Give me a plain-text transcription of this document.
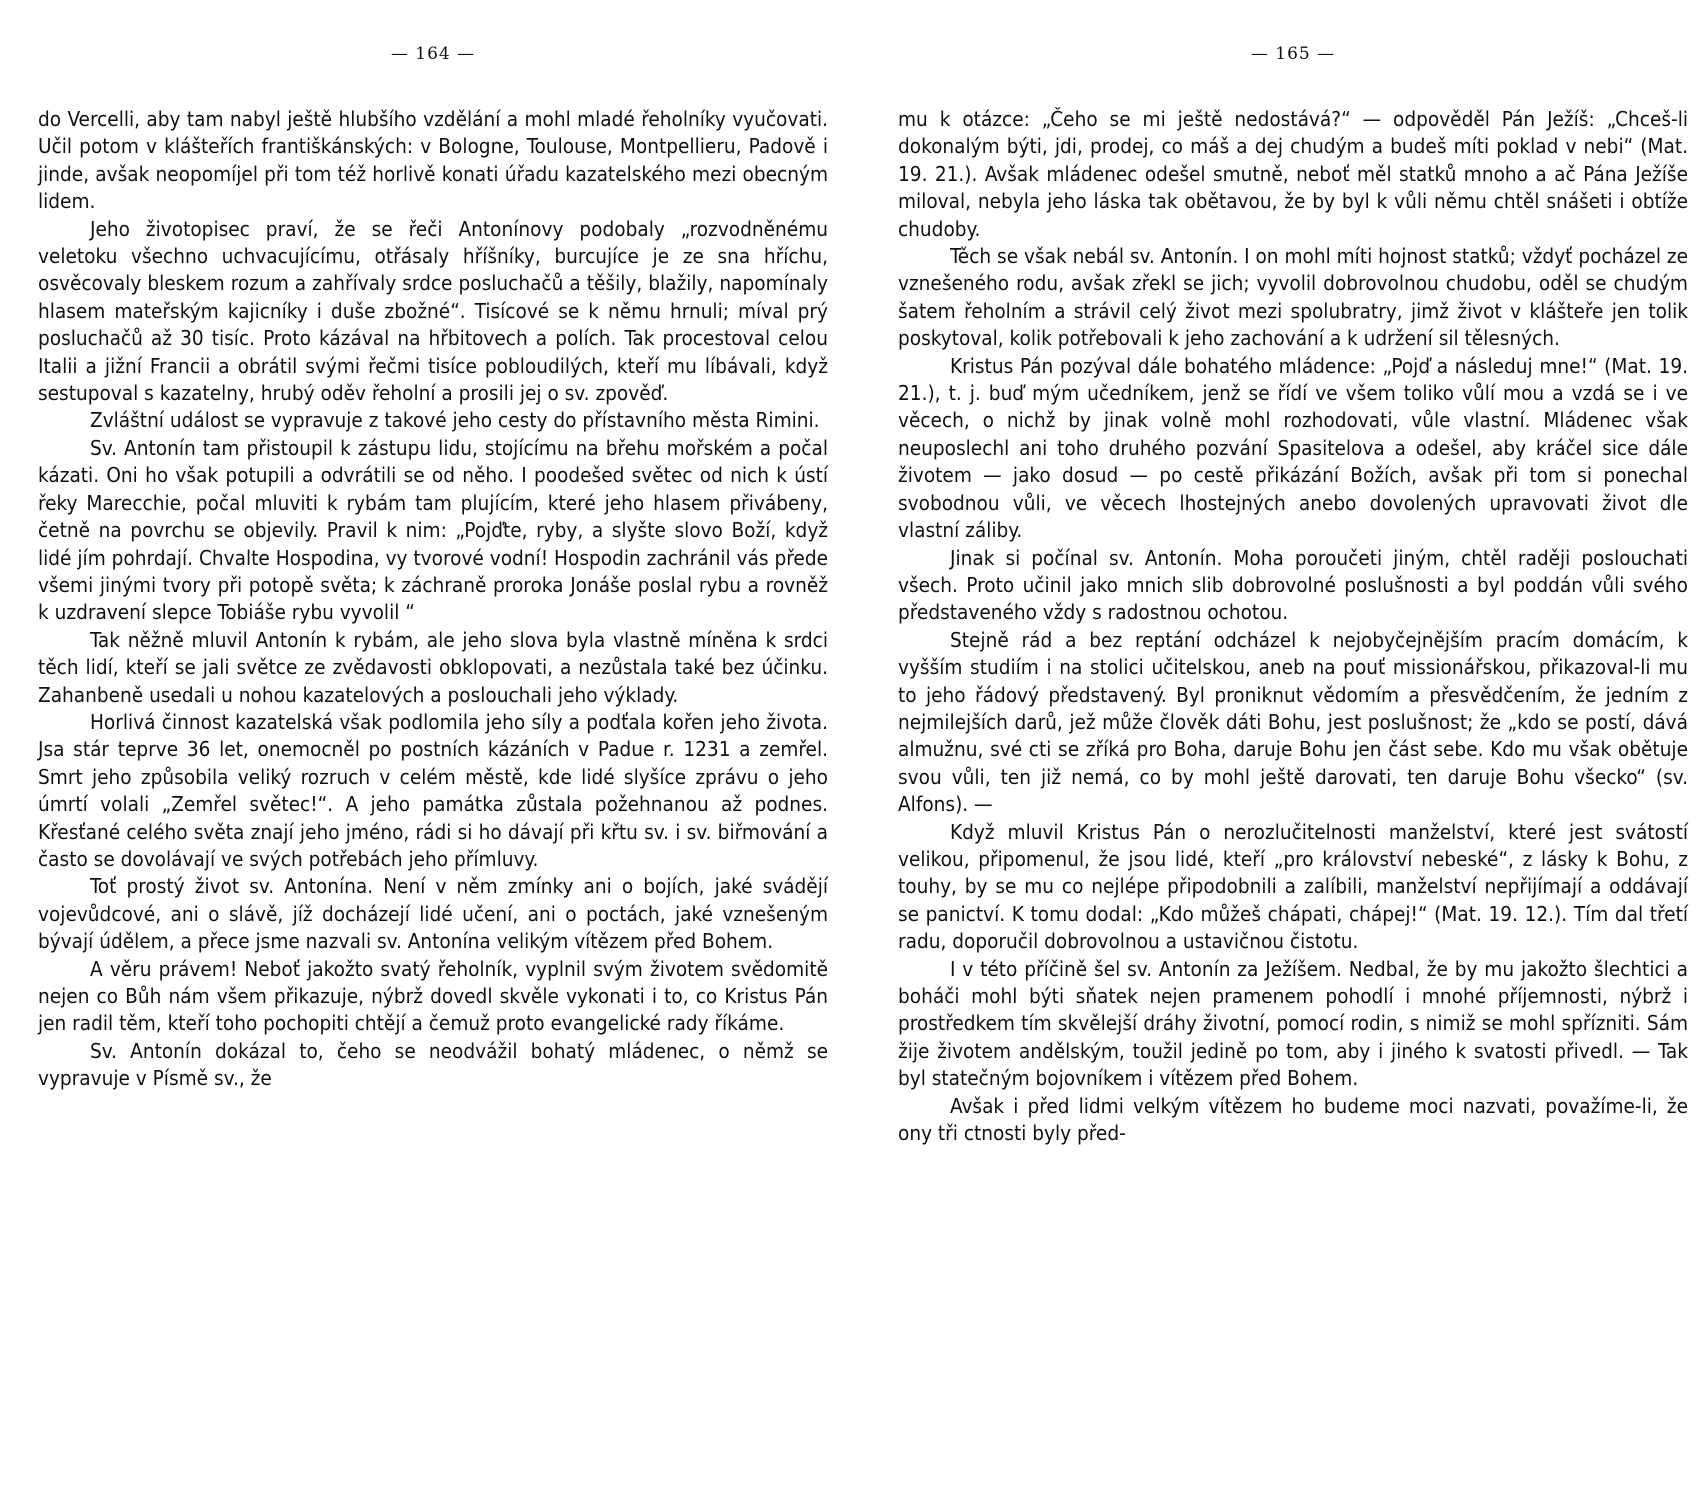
— 164 —

do Vercelli, aby tam nabyl ještě hlubšího vzdělání a mohl mladé řeholníky vyučovati. Učil potom v klášteřích františkánských: v Bologne, Toulouse, Montpellieru, Padově i jinde, avšak neopomíjel při tom též horlivě konati úřadu kazatelského mezi obecným lidem.

Jeho životopisec praví, že se řeči Antonínovy podobaly „rozvodněnému veletoku všechno uchvacujícímu, otřásaly hříšníky, burcujíce je ze sna hříchu, osvěcovaly bleskem rozum a zahřívaly srdce posluchačů a těšily, blažily, napomínaly hlasem mateřským kajicníky i duše zbožné“. Tisícové se k němu hrnuli; míval prý posluchačů až 30 tisíc. Proto kázával na hřbitovech a polích. Tak procestoval celou Italii a jižní Francii a obrátil svými řečmi tisíce pobloudilých, kteří mu líbávali, když sestupoval s kazatelny, hrubý oděv řeholní a prosili jej o sv. zpověď.

Zvláštní událost se vypravuje z takové jeho cesty do přístavního města Rimini.

Sv. Antonín tam přistoupil k zástupu lidu, stojícímu na břehu mořském a počal kázati. Oni ho však potupili a odvrátili se od něho. I poodešed světec od nich k ústí řeky Marecchie, počal mluviti k rybám tam plujícím, které jeho hlasem přivábeny, četně na povrchu se objevily. Pravil k nim: „Pojďte, ryby, a slyšte slovo Boží, když lidé jím pohrdají. Chvalte Hospodina, vy tvorové vodní! Hospodin zachránil vás přede všemi jinými tvory při potopě světa; k záchraně proroka Jonáše poslal rybu a rovněž k uzdravení slepce Tobiáše rybu vyvolil “

Tak něžně mluvil Antonín k rybám, ale jeho slova byla vlastně míněna k srdci těch lidí, kteří se jali světce ze zvědavosti obklopovati, a nezůstala také bez účinku. Zahanbeně usedali u nohou kazatelových a poslouchali jeho výklady.

Horlivá činnost kazatelská však podlomila jeho síly a podťala kořen jeho života. Jsa stár teprve 36 let, onemocněl po postních kázáních v Padue r. 1231 a zemřel. Smrt jeho způsobila veliký rozruch v celém městě, kde lidé slyšíce zprávu o jeho úmrtí volali „Zemřel světec!“. A jeho památka zůstala požehnanou až podnes. Křesťané celého světa znají jeho jméno, rádi si ho dávají při křtu sv. i sv. biřmování a často se dovolávají ve svých potřebách jeho přímluvy.

Toť prostý život sv. Antonína. Není v něm zmínky ani o bojích, jaké svádějí vojevůdcové, ani o slávě, jíž docházejí lidé učení, ani o poctách, jaké vznešeným bývají údělem, a přece jsme nazvali sv. Antonína velikým vítězem před Bohem.

A věru právem! Neboť jakožto svatý řeholník, vyplnil svým životem svědomitě nejen co Bůh nám všem přikazuje, nýbrž dovedl skvěle vykonati i to, co Kristus Pán jen radil těm, kteří toho pochopiti chtějí a čemuž proto evangelické rady říkáme.

Sv. Antonín dokázal to, čeho se neodvážil bohatý mládenec, o němž se vypravuje v Písmě sv., že

— 165 —

mu k otázce: „Čeho se mi ještě nedostává?“ — odpověděl Pán Ježíš: „Chceš-li dokonalým býti, jdi, prodej, co máš a dej chudým a budeš míti poklad v nebi“ (Mat. 19. 21.). Avšak mládenec odešel smutně, neboť měl statků mnoho a ač Pána Ježíše miloval, nebyla jeho láska tak obětavou, že by byl k vůli němu chtěl snášeti i obtíže chudoby.

Těch se však nebál sv. Antonín. I on mohl míti hojnost statků; vždyť pocházel ze vznešeného rodu, avšak zřekl se jich; vyvolil dobrovolnou chudobu, oděl se chudým šatem řeholním a strávil celý život mezi spolubratry, jimž život v klášteře jen tolik poskytoval, kolik potřebovali k jeho zachování a k udržení sil tělesných.

Kristus Pán pozýval dále bohatého mládence: „Pojď a následuj mne!“ (Mat. 19. 21.), t. j. buď mým učedníkem, jenž se řídí ve všem toliko vůlí mou a vzdá se i ve věcech, o nichž by jinak volně mohl rozhodovati, vůle vlastní. Mládenec však neuposlechl ani toho druhého pozvání Spasitelova a odešel, aby kráčel sice dále životem — jako dosud — po cestě přikázání Božích, avšak při tom si ponechal svobodnou vůli, ve věcech lhostejných anebo dovolených upravovati život dle vlastní záliby.

Jinak si počínal sv. Antonín. Moha poroučeti jiným, chtěl raději poslouchati všech. Proto učinil jako mnich slib dobrovolné poslušnosti a byl poddán vůli svého představeného vždy s radostnou ochotou.

Stejně rád a bez reptání odcházel k nejobyčejnějším pracím domácím, k vyšším studiím i na stolici učitelskou, aneb na pouť missionářskou, přikazoval-li mu to jeho řádový představený. Byl proniknut vědomím a přesvědčením, že jedním z nejmilejších darů, jež může člověk dáti Bohu, jest poslušnost; že „kdo se postí, dává almužnu, své cti se zříká pro Boha, daruje Bohu jen část sebe. Kdo mu však obětuje svou vůli, ten již nemá, co by mohl ještě darovati, ten daruje Bohu všecko“ (sv. Alfons). —

Když mluvil Kristus Pán o nerozlučitelnosti manželství, které jest svátostí velikou, připomenul, že jsou lidé, kteří „pro království nebeské“, z lásky k Bohu, z touhy, by se mu co nejlépe připodobnili a zalíbili, manželství nepřijímají a oddávají se panictví. K tomu dodal: „Kdo můžeš chápati, chápej!“ (Mat. 19. 12.). Tím dal třetí radu, doporučil dobrovolnou a ustavičnou čistotu.

I v této příčině šel sv. Antonín za Ježíšem. Nedbal, že by mu jakožto šlechtici a boháči mohl býti sňatek nejen pramenem pohodlí i mnohé příjemnosti, nýbrž i prostředkem tím skvělejší dráhy životní, pomocí rodin, s nimiž se mohl spřízniti. Sám žije životem andělským, toužil jedině po tom, aby i jiného k svatosti přivedl. — Tak byl statečným bojovníkem i vítězem před Bohem.

Avšak i před lidmi velkým vítězem ho budeme moci nazvati, považíme-li, že ony tři ctnosti byly před-
